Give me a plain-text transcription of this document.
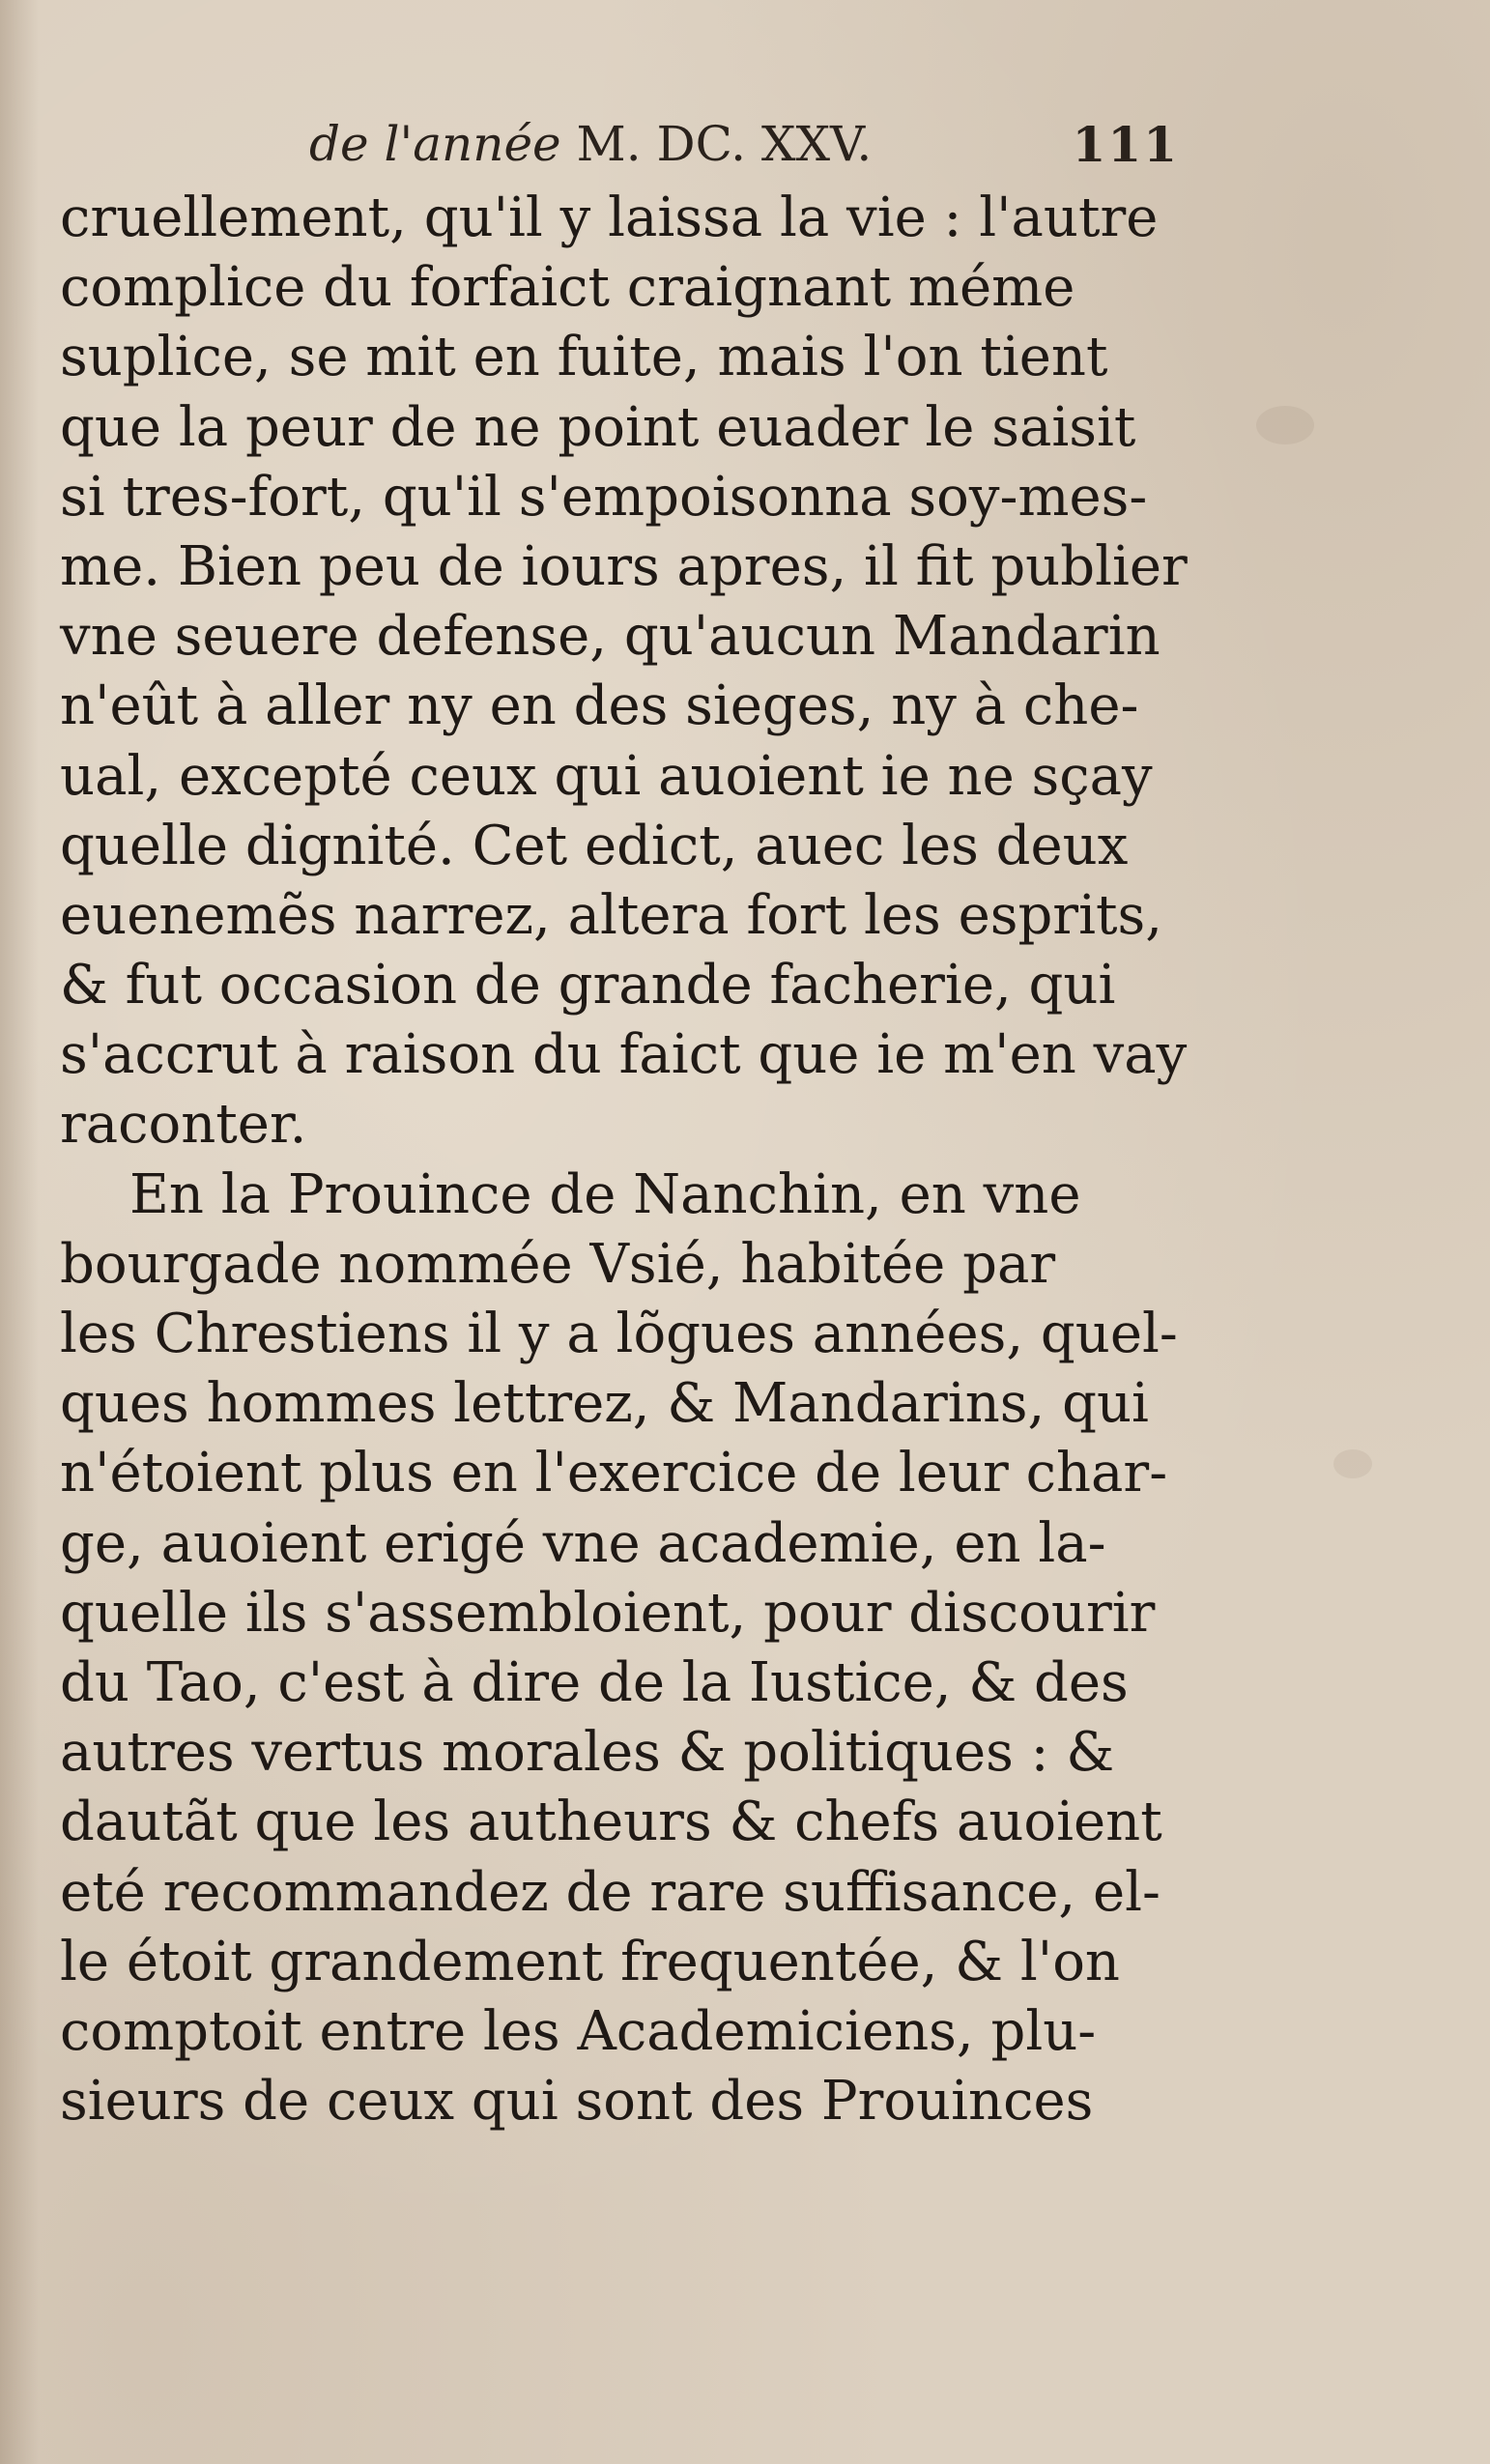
de l'année M. DC. XXV.	111
cruellement, qu'il y laissa la vie : l'autre
complice du forfaict craignant méme
suplice, se mit en fuite, mais l'on tient
que la peur de ne point euader le saisit
si tres-fort, qu'il s'empoisonna soy-mes-
me. Bien peu de iours apres, il fit publier
vne seuere defense, qu'aucun Mandarin
n'eût à aller ny en des sieges, ny à che-
ual, excepté ceux qui auoient ie ne sçay
quelle dignité. Cet edict, auec les deux
euenemẽs narrez, altera fort les esprits,
& fut occasion de grande facherie, qui
s'accrut à raison du faict que ie m'en vay
raconter.
En la Prouince de Nanchin, en vne
bourgade nommée Vsié, habitée par
les Chrestiens il y a lõgues années, quel-
ques hommes lettrez, & Mandarins, qui
n'étoient plus en l'exercice de leur char-
ge, auoient erigé vne academie, en la-
quelle ils s'assembloient, pour discourir
du Tao, c'est à dire de la Iustice, & des
autres vertus morales & politiques : &
dautãt que les autheurs & chefs auoient
eté recommandez de rare suffisance, el-
le étoit grandement frequentée, & l'on
comptoit entre les Academiciens, plu-
sieurs de ceux qui sont des Prouinces
